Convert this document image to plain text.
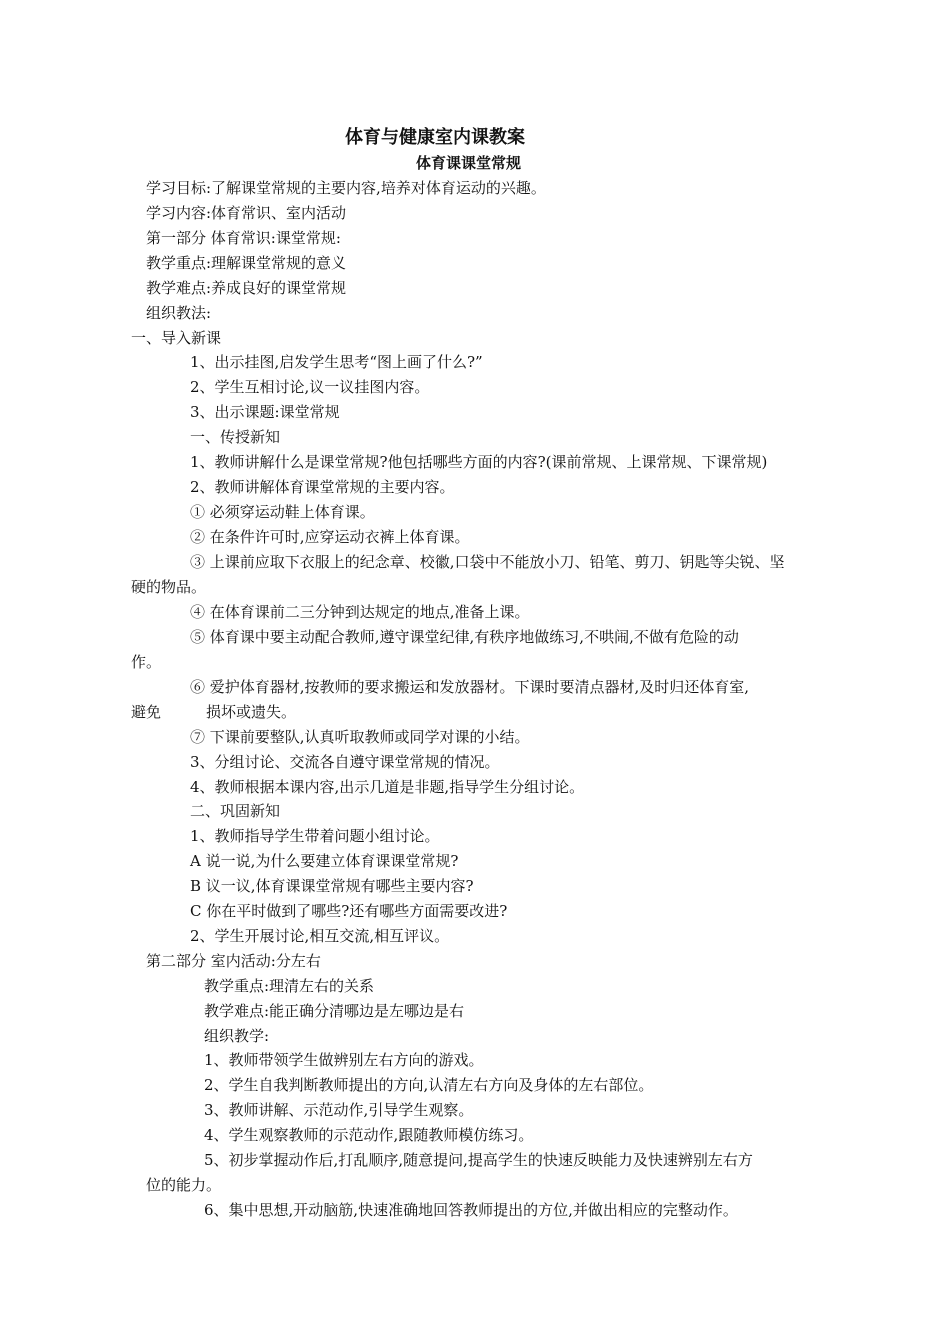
体育与健康室内课教案
体育课课堂常规
学习目标:了解课堂常规的主要内容,培养对体育运动的兴趣。
学习内容:体育常识、室内活动
第一部分 体育常识:课堂常规:
教学重点:理解课堂常规的意义
教学难点:养成良好的课堂常规
组织教法:
一、导入新课
1、出示挂图,启发学生思考“图上画了什么?”
2、学生互相讨论,议一议挂图内容。
3、出示课题:课堂常规
一、传授新知
1、教师讲解什么是课堂常规?他包括哪些方面的内容?(课前常规、上课常规、下课常规)
2、教师讲解体育课堂常规的主要内容。
① 必须穿运动鞋上体育课。
② 在条件许可时,应穿运动衣裤上体育课。
③ 上课前应取下衣服上的纪念章、校徽,口袋中不能放小刀、铅笔、剪刀、钥匙等尖锐、坚
硬的物品。
④ 在体育课前二三分钟到达规定的地点,准备上课。
⑤ 体育课中要主动配合教师,遵守课堂纪律,有秩序地做练习,不哄闹,不做有危险的动
作。
⑥ 爱护体育器材,按教师的要求搬运和发放器材。下课时要清点器材,及时归还体育室,
避免	损坏或遗失。
⑦ 下课前要整队,认真听取教师或同学对课的小结。
3、分组讨论、交流各自遵守课堂常规的情况。
4、教师根据本课内容,出示几道是非题,指导学生分组讨论。
二、巩固新知
1、教师指导学生带着问题小组讨论。
A 说一说,为什么要建立体育课课堂常规?
B 议一议,体育课课堂常规有哪些主要内容?
C 你在平时做到了哪些?还有哪些方面需要改进?
2、学生开展讨论,相互交流,相互评议。
第二部分 室内活动:分左右
教学重点:理清左右的关系
教学难点:能正确分清哪边是左哪边是右
组织教学:
1、教师带领学生做辨别左右方向的游戏。
2、学生自我判断教师提出的方向,认清左右方向及身体的左右部位。
3、教师讲解、示范动作,引导学生观察。
4、学生观察教师的示范动作,跟随教师模仿练习。
5、初步掌握动作后,打乱顺序,随意提问,提高学生的快速反映能力及快速辨别左右方
位的能力。
6、集中思想,开动脑筋,快速准确地回答教师提出的方位,并做出相应的完整动作。
